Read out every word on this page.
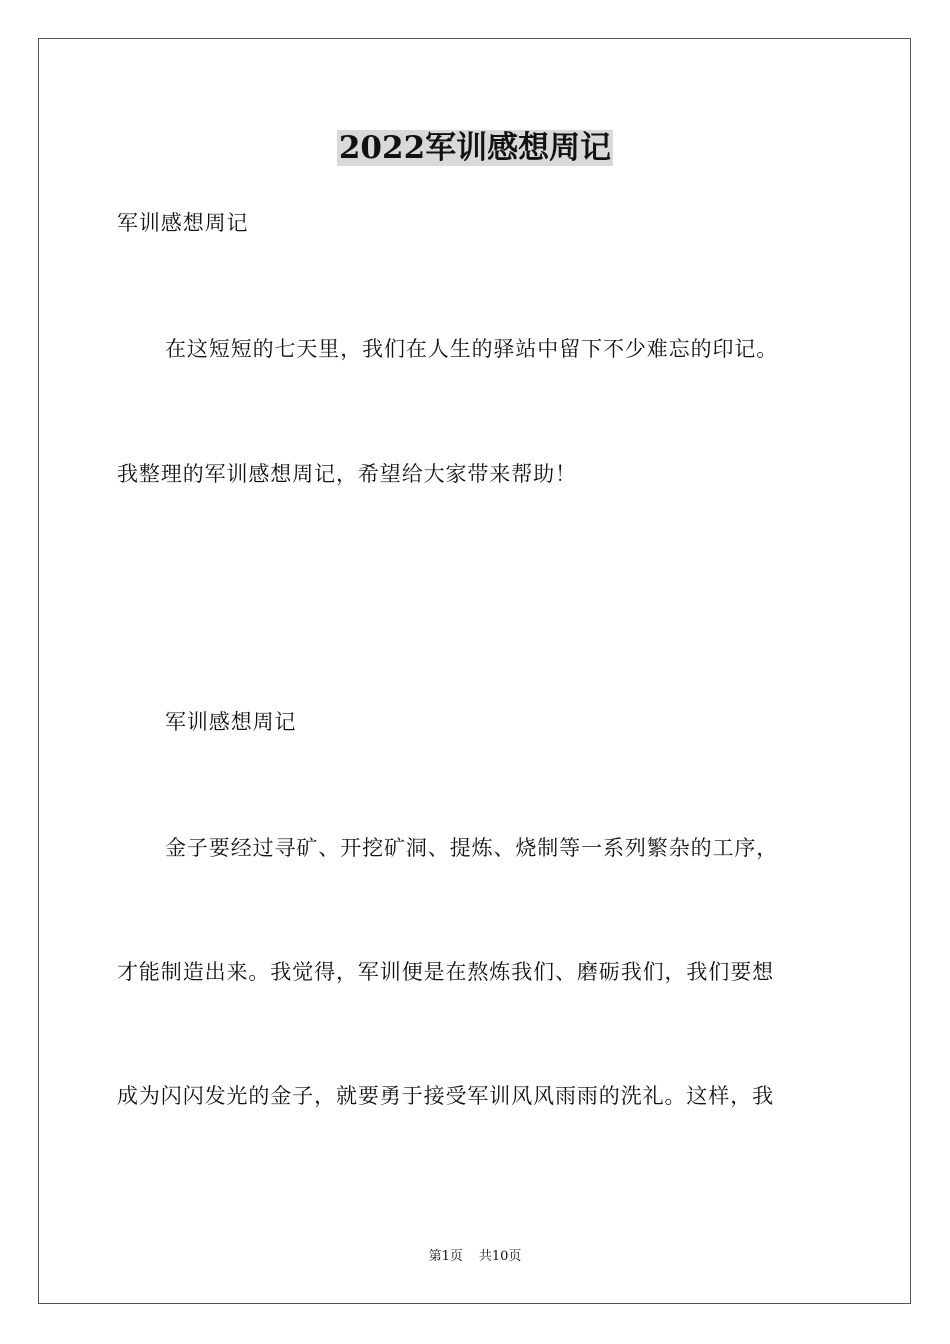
2022军训感想周记

军训感想周记

在这短短的七天里，我们在人生的驿站中留下不少难忘的印记。

我整理的军训感想周记，希望给大家带来帮助！

军训感想周记

金子要经过寻矿、开挖矿洞、提炼、烧制等一系列繁杂的工序，

才能制造出来。我觉得，军训便是在熬炼我们、磨砺我们，我们要想

成为闪闪发光的金子，就要勇于接受军训风风雨雨的洗礼。这样，我

第1页 共10页
